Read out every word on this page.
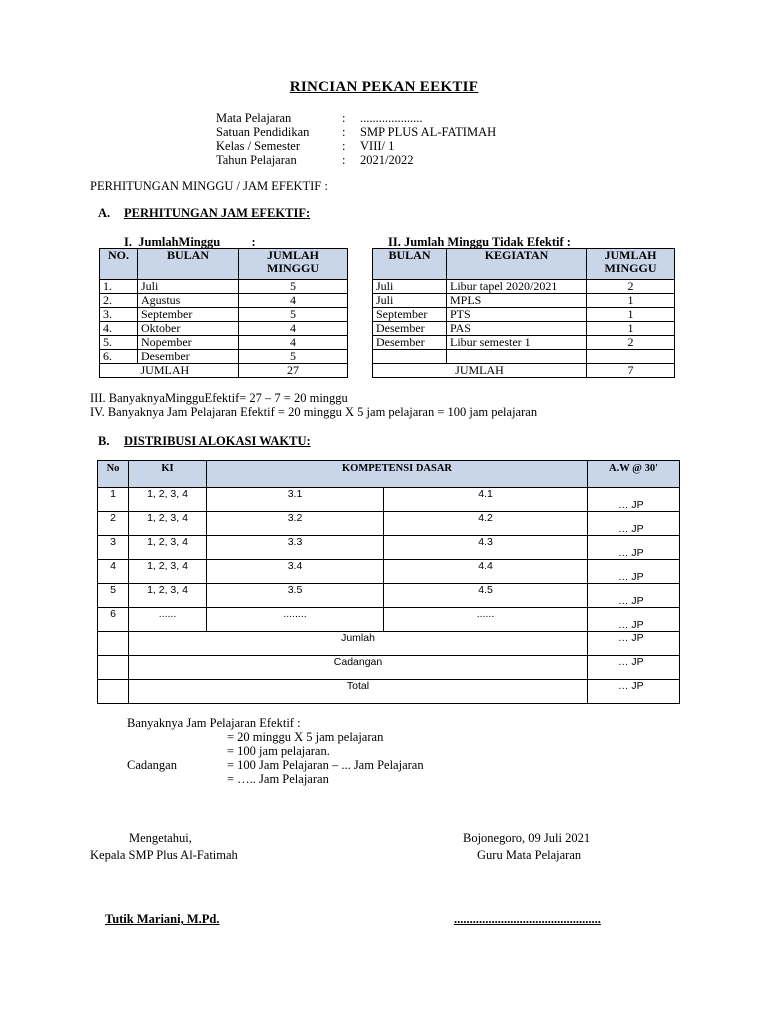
RINCIAN PEKAN EEKTIF
Mata Pelajaran	: ....................
Satuan Pendidikan	: SMP PLUS AL-FATIMAH
Kelas / Semester	: VIII/ 1
Tahun Pelajaran	: 2021/2022
PERHITUNGAN MINGGU / JAM EFEKTIF :
A. PERHITUNGAN JAM EFEKTIF:
I.  JumlahMinggu          :	II. Jumlah Minggu Tidak Efektif :
NO.	BULAN	JUMLAH MINGGU
1.	Juli	5
2.	Agustus	4
3.	September	5
4.	Oktober	4
5.	Nopember	4
6.	Desember	5
	JUMLAH	27
BULAN	KEGIATAN	JUMLAH MINGGU
Juli	Libur tapel 2020/2021	2
Juli	MPLS	1
September	PTS	1
Desember	PAS	1
Desember	Libur semester 1	2

JUMLAH		7
III. BanyaknyaMingguEfektif= 27 – 7 = 20 minggu
IV. Banyaknya Jam Pelajaran Efektif = 20 minggu X 5 jam pelajaran = 100 jam pelajaran
B. DISTRIBUSI ALOKASI WAKTU:
No	KI	KOMPETENSI DASAR		A.W @ 30'
1	1, 2, 3, 4	3.1	4.1	… JP
2	1, 2, 3, 4	3.2	4.2	… JP
3	1, 2, 3, 4	3.3	4.3	… JP
4	1, 2, 3, 4	3.4	4.4	… JP
5	1, 2, 3, 4	3.5	4.5	… JP
6	......	........	......	… JP
	Jumlah			… JP
	Cadangan			… JP
	Total			… JP
Banyaknya Jam Pelajaran Efektif :
= 20 minggu X 5 jam pelajaran
= 100 jam pelajaran.
Cadangan	= 100 Jam Pelajaran – ... Jam Pelajaran
= ….. Jam Pelajaran
Mengetahui,
Kepala SMP Plus Al-Fatimah
Tutik Mariani, M.Pd.
Bojonegoro, 09 Juli 2021
Guru Mata Pelajaran
...............................................
